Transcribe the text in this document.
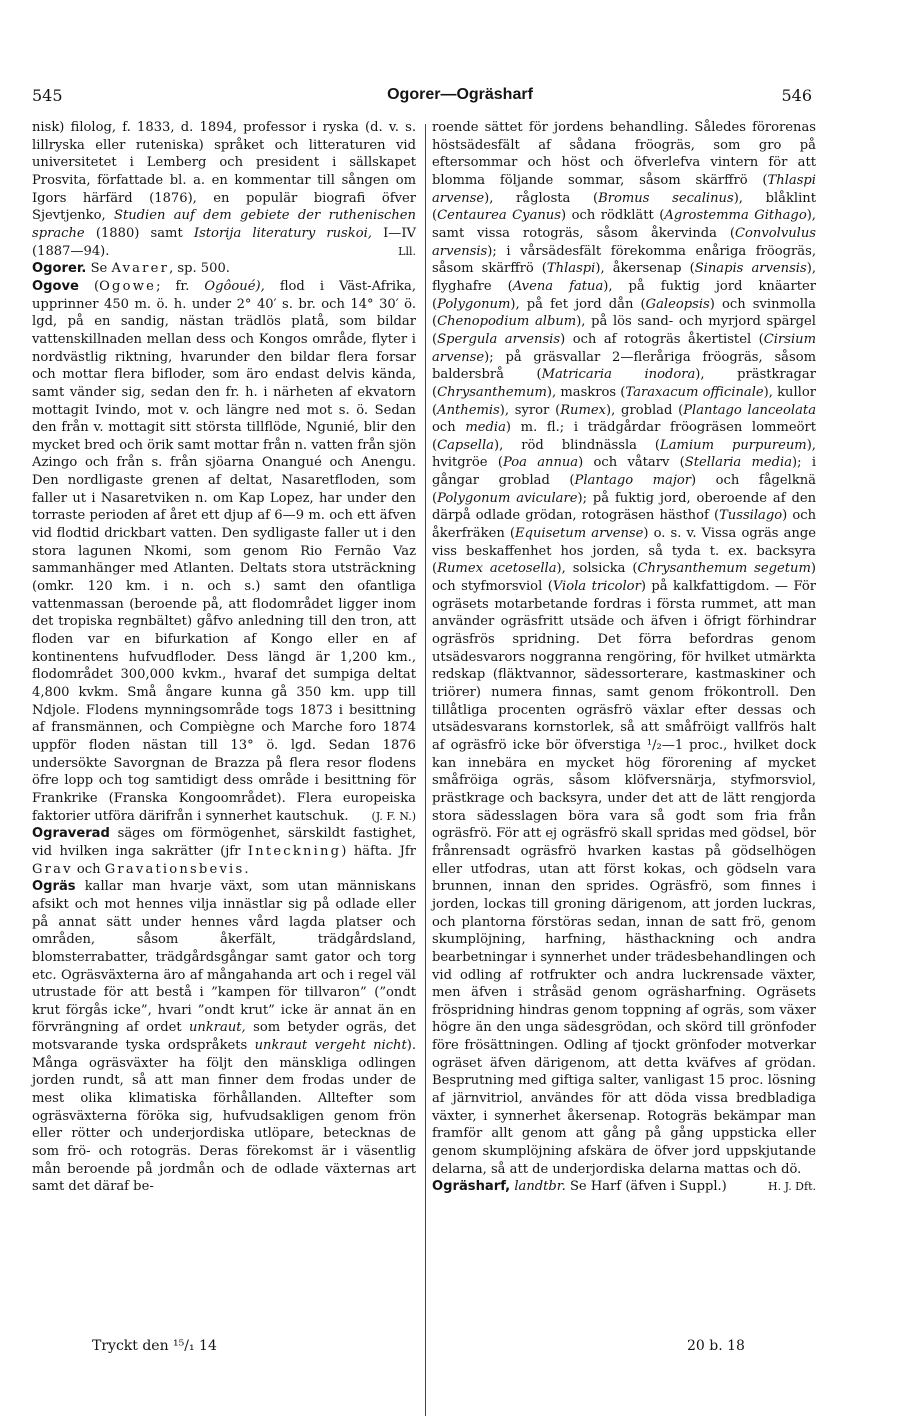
545	Ogorer—Ogräsharf	546

nisk) filolog, f. 1833, d. 1894, professor i ryska (d. v. s. lillryska eller ruteniska) språket och litteraturen vid universitetet i Lemberg och president i sällskapet Prosvita, författade bl. a. en kommentar till sången om Igors härfärd (1876), en populär biografi öfver Sjevtjenko, Studien auf dem gebiete der ruthenischen sprache (1880) samt Istorija literatury ruskoi, I—IV (1887—94).	Lll.

Ogorer. Se Avarer, sp. 500.

Ogove (Ogowe; fr. Ogôoué), flod i Väst-Afrika, upprinner 450 m. ö. h. under 2° 40′ s. br. och 14° 30′ ö. lgd, på en sandig, nästan trädlös platå, som bildar vattenskillnaden mellan dess och Kongos område, flyter i nordvästlig riktning, hvarunder den bildar flera forsar och mottar flera bifloder, som äro endast delvis kända, samt vänder sig, sedan den fr. h. i närheten af ekvatorn mottagit Ivindo, mot v. och längre ned mot s. ö. Sedan den från v. mottagit sitt största tillflöde, Ngunié, blir den mycket bred och örik samt mottar från n. vatten från sjön Azingo och från s. från sjöarna Onangué och Anengu. Den nordligaste grenen af deltat, Nasaretfloden, som faller ut i Nasaretviken n. om Kap Lopez, har under den torraste perioden af året ett djup af 6—9 m. och ett äfven vid flodtid drickbart vatten. Den sydligaste faller ut i den stora lagunen Nkomi, som genom Rio Fernão Vaz sammanhänger med Atlanten. Deltats stora utsträckning (omkr. 120 km. i n. och s.) samt den ofantliga vattenmassan (beroende på, att flodområdet ligger inom det tropiska regnbältet) gåfvo anledning till den tron, att floden var en bifurkation af Kongo eller en af kontinentens hufvudfloder. Dess längd är 1,200 km., flodområdet 300,000 kvkm., hvaraf det sumpiga deltat 4,800 kvkm. Små ångare kunna gå 350 km. upp till Ndjole. Flodens mynningsområde togs 1873 i besittning af fransmännen, och Compiègne och Marche foro 1874 uppför floden nästan till 13° ö. lgd. Sedan 1876 undersökte Savorgnan de Brazza på flera resor flodens öfre lopp och tog samtidigt dess område i besittning för Frankrike (Franska Kongoområdet). Flera europeiska faktorier utföra därifrån i synnerhet kautschuk. (J. F. N.)

Ograverad säges om förmögenhet, särskildt fastighet, vid hvilken inga sakrätter (jfr Inteckning) häfta. Jfr Grav och Gravationsbevis.

Ogräs kallar man hvarje växt, som utan människans afsikt och mot hennes vilja innästlar sig på odlade eller på annat sätt under hennes vård lagda platser och områden, såsom åkerfält, trädgårdsland, blomsterrabatter, trädgårdsgångar samt gator och torg etc. Ogräsväxterna äro af mångahanda art och i regel väl utrustade för att bestå i ”kampen för tillvaron” (”ondt krut förgås icke”, hvari ”ondt krut” icke är annat än en förvrängning af ordet unkraut, som betyder ogräs, det motsvarande tyska ordspråkets unkraut vergeht nicht). Många ogräsväxter ha följt den mänskliga odlingen jorden rundt, så att man finner dem frodas under de mest olika klimatiska förhållanden. Alltefter som ogräsväxterna föröka sig, hufvudsakligen genom frön eller rötter och underjordiska utlöpare, betecknas de som frö- och rotogräs. Deras förekomst är i väsentlig mån beroende på jordmån och de odlade växternas art samt det däraf be-

roende sättet för jordens behandling. Således förorenas höstsädesfält af sådana fröogräs, som gro på eftersommar och höst och öfverlefva vintern för att blomma följande sommar, såsom skärffrö (Thlaspi arvense), råglosta (Bromus secalinus), blåklint (Centaurea Cyanus) och rödklätt (Agrostemma Githago), samt vissa rotogräs, såsom åkervinda (Convolvulus arvensis); i vårsädesfält förekomma enåriga fröogräs, såsom skärffrö (Thlaspi), åkersenap (Sinapis arvensis), flyghafre (Avena fatua), på fuktig jord knäarter (Polygonum), på fet jord dån (Galeopsis) och svinmolla (Chenopodium album), på lös sand- och myrjord spärgel (Spergula arvensis) och af rotogräs åkertistel (Cirsium arvense); på gräsvallar 2—fleråriga fröogräs, såsom baldersbrå (Matricaria inodora), prästkragar (Chrysanthemum), maskros (Taraxacum officinale), kullor (Anthemis), syror (Rumex), groblad (Plantago lanceolata och media) m. fl.; i trädgårdar fröogräsen lommeört (Capsella), röd blindnässla (Lamium purpureum), hvitgröe (Poa annua) och våtarv (Stellaria media); i gångar groblad (Plantago major) och fågelknä (Polygonum aviculare); på fuktig jord, oberoende af den därpå odlade grödan, rotogräsen hästhof (Tussilago) och åkerfräken (Equisetum arvense) o. s. v. Vissa ogräs ange viss beskaffenhet hos jorden, så tyda t. ex. backsyra (Rumex acetosella), solsicka (Chrysanthemum segetum) och styfmorsviol (Viola tricolor) på kalkfattigdom. — För ogräsets motarbetande fordras i första rummet, att man använder ogräsfritt utsäde och äfven i öfrigt förhindrar ogräsfrös spridning. Det förra befordras genom utsädesvarors noggranna rengöring, för hvilket utmärkta redskap (fläktvannor, sädessorterare, kastmaskiner och triörer) numera finnas, samt genom frökontroll. Den tillåtliga procenten ogräsfrö växlar efter dessas och utsädesvarans kornstorlek, så att småfröigt vallfrös halt af ogräsfrö icke bör öfverstiga ¹/₂—1 proc., hvilket dock kan innebära en mycket hög förorening af mycket småfröiga ogräs, såsom klöfversnärja, styfmorsviol, prästkrage och backsyra, under det att de lätt rengjorda stora sädesslagen böra vara så godt som fria från ogräsfrö. För att ej ogräsfrö skall spridas med gödsel, bör frånrensadt ogräsfrö hvarken kastas på gödselhögen eller utfodras, utan att först kokas, och gödseln vara brunnen, innan den sprides. Ogräsfrö, som finnes i jorden, lockas till groning därigenom, att jorden luckras, och plantorna förstöras sedan, innan de satt frö, genom skumplöjning, harfning, hästhackning och andra bearbetningar i synnerhet under trädesbehandlingen och vid odling af rotfrukter och andra luckrensade växter, men äfven i stråsäd genom ogräsharfning. Ogräsets fröspridning hindras genom toppning af ogräs, som växer högre än den unga sädesgrödan, och skörd till grönfoder före frösättningen. Odling af tjockt grönfoder motverkar ogräset äfven därigenom, att detta kväfves af grödan. Besprutning med giftiga salter, vanligast 15 proc. lösning af järnvitriol, användes för att döda vissa bredbladiga växter, i synnerhet åkersenap. Rotogräs bekämpar man framför allt genom att gång på gång uppsticka eller genom skumplöjning afskära de öfver jord uppskjutande delarna, så att de underjordiska delarna mattas och dö.
H. J. Dft.

Ogräsharf, landtbr. Se Harf (äfven i Suppl.)

Tryckt den ¹⁵/₁ 14	20 b. 18
